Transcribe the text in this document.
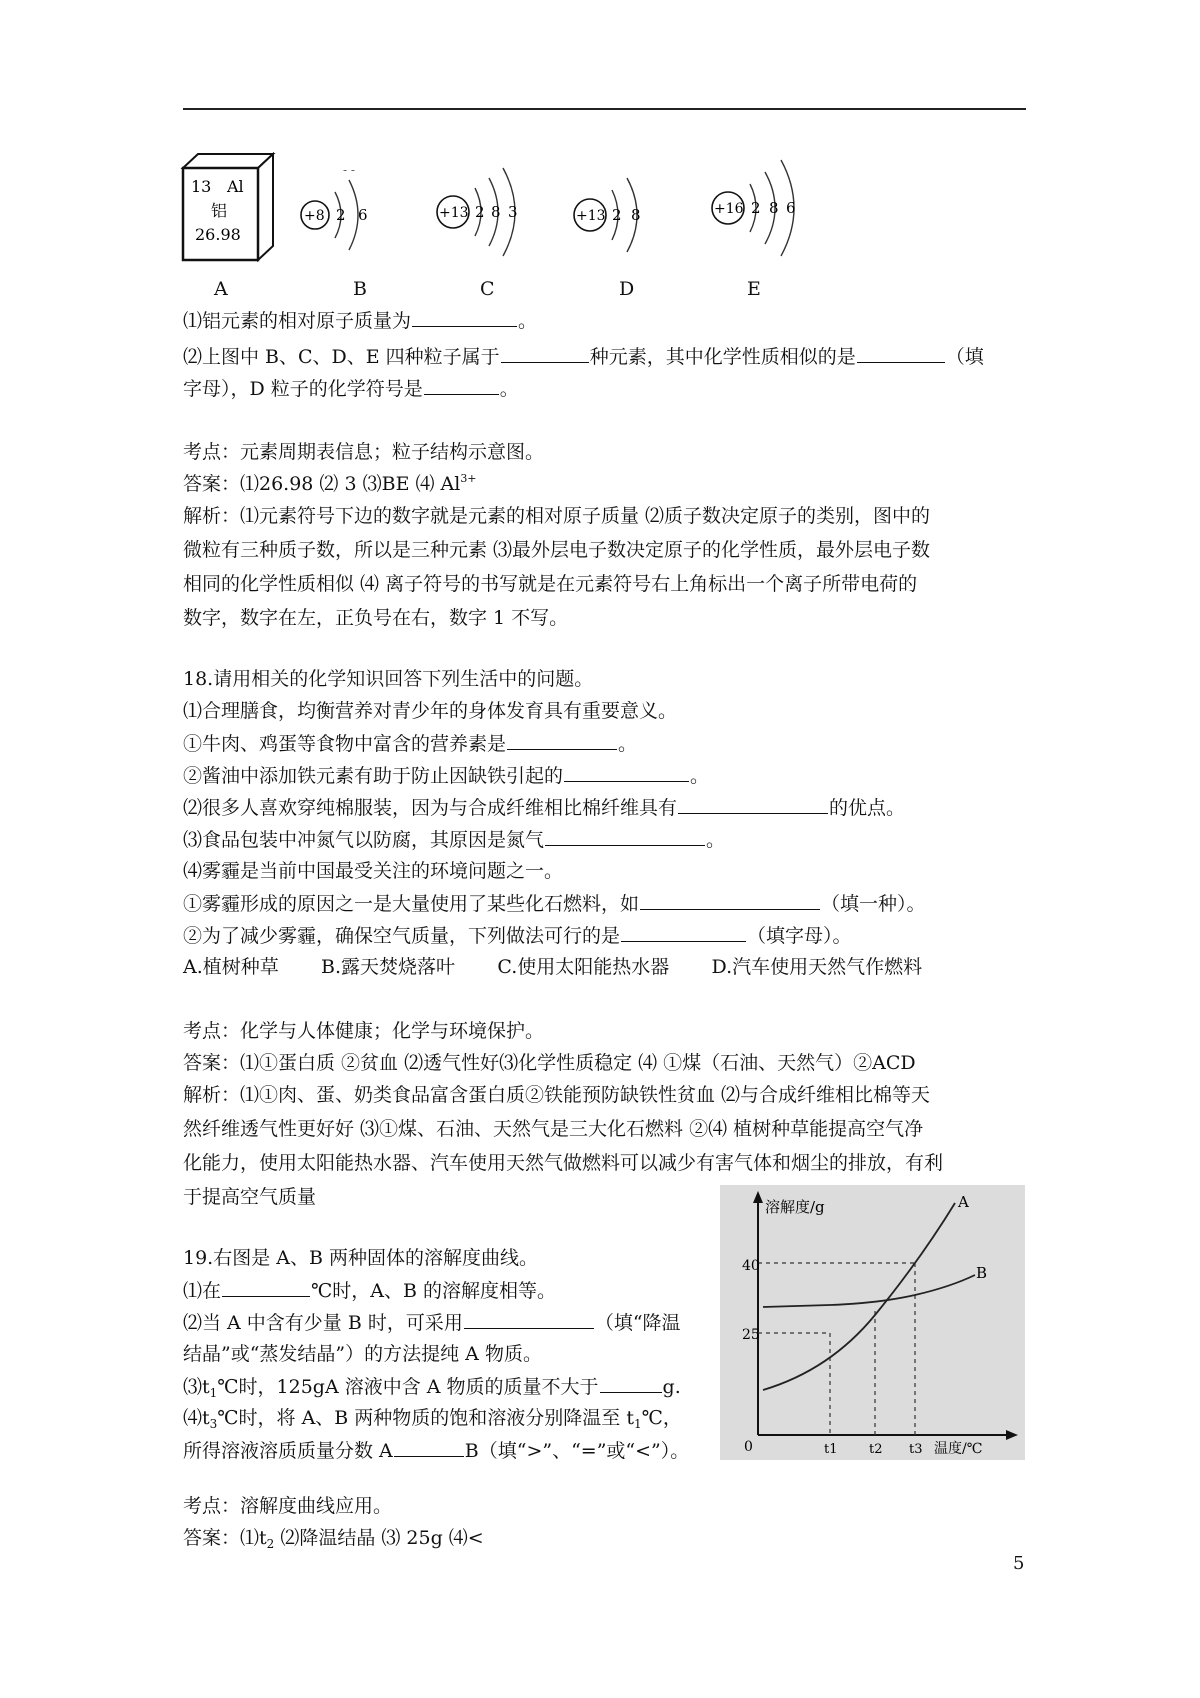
13 Al
铝
26.98
+8 2 6
- -
+13 2 8 3	+13 2 8	+16 2 8 6
A	B	C	D	E
⑴铝元素的相对原子质量为	。
⑵上图中 B、C、D、E 四种粒子属于	种元素，其中化学性质相似的是	（填
字母），D 粒子的化学符号是	。
考点：元素周期表信息；粒子结构示意图。
答案：⑴26.98 ⑵ 3 ⑶BE ⑷ $Al^{3+}$
解析：⑴元素符号下边的数字就是元素的相对原子质量 ⑵质子数决定原子的类别，图中的
微粒有三种质子数，所以是三种元素 ⑶最外层电子数决定原子的化学性质，最外层电子数
相同的化学性质相似 ⑷ 离子符号的书写就是在元素符号右上角标出一个离子所带电荷的
数字，数字在左，正负号在右，数字 1 不写。
18.请用相关的化学知识回答下列生活中的问题。
⑴合理膳食，均衡营养对青少年的身体发育具有重要意义。
①牛肉、鸡蛋等食物中富含的营养素是	。
②酱油中添加铁元素有助于防止因缺铁引起的	。
⑵很多人喜欢穿纯棉服装，因为与合成纤维相比棉纤维具有	的优点。
⑶食品包装中冲氮气以防腐，其原因是氮气	。
⑷雾霾是当前中国最受关注的环境问题之一。
①雾霾形成的原因之一是大量使用了某些化石燃料，如	（填一种）。
②为了减少雾霾，确保空气质量，下列做法可行的是	（填字母）。
A.植树种草 B.露天焚烧落叶 C.使用太阳能热水器 D.汽车使用天然气作燃料
考点：化学与人体健康；化学与环境保护。
答案：⑴①蛋白质 ②贫血 ⑵透气性好⑶化学性质稳定 ⑷ ①煤（石油、天然气）②ACD
解析：⑴①肉、蛋、奶类食品富含蛋白质②铁能预防缺铁性贫血 ⑵与合成纤维相比棉等天
然纤维透气性更好好 ⑶①煤、石油、天然气是三大化石燃料 ②⑷ 植树种草能提高空气净
化能力，使用太阳能热水器、汽车使用天然气做燃料可以减少有害气体和烟尘的排放，有利
于提高空气质量
19.右图是 A、B 两种固体的溶解度曲线。
⑴在	℃时，A、B 的溶解度相等。
⑵当 A 中含有少量 B 时，可采用	（填“降温
结晶”或“蒸发结晶”）的方法提纯 A 物质。
$⑶t_1℃$时，125gA 溶液中含 A 物质的质量不大于	g.
$⑷t_3℃$时，将 A、B 两种物质的饱和溶液分别降温至 $t_1℃$，
所得溶液溶质质量分数 A	B（填“>”、“=”或“<”）。
考点：溶解度曲线应用。
答案：$⑴t_2$ ⑵降温结晶 ⑶ 25g ⑷<
溶解度/g
40
25
0	t1 t2 t3 温度/℃
A
B
5
